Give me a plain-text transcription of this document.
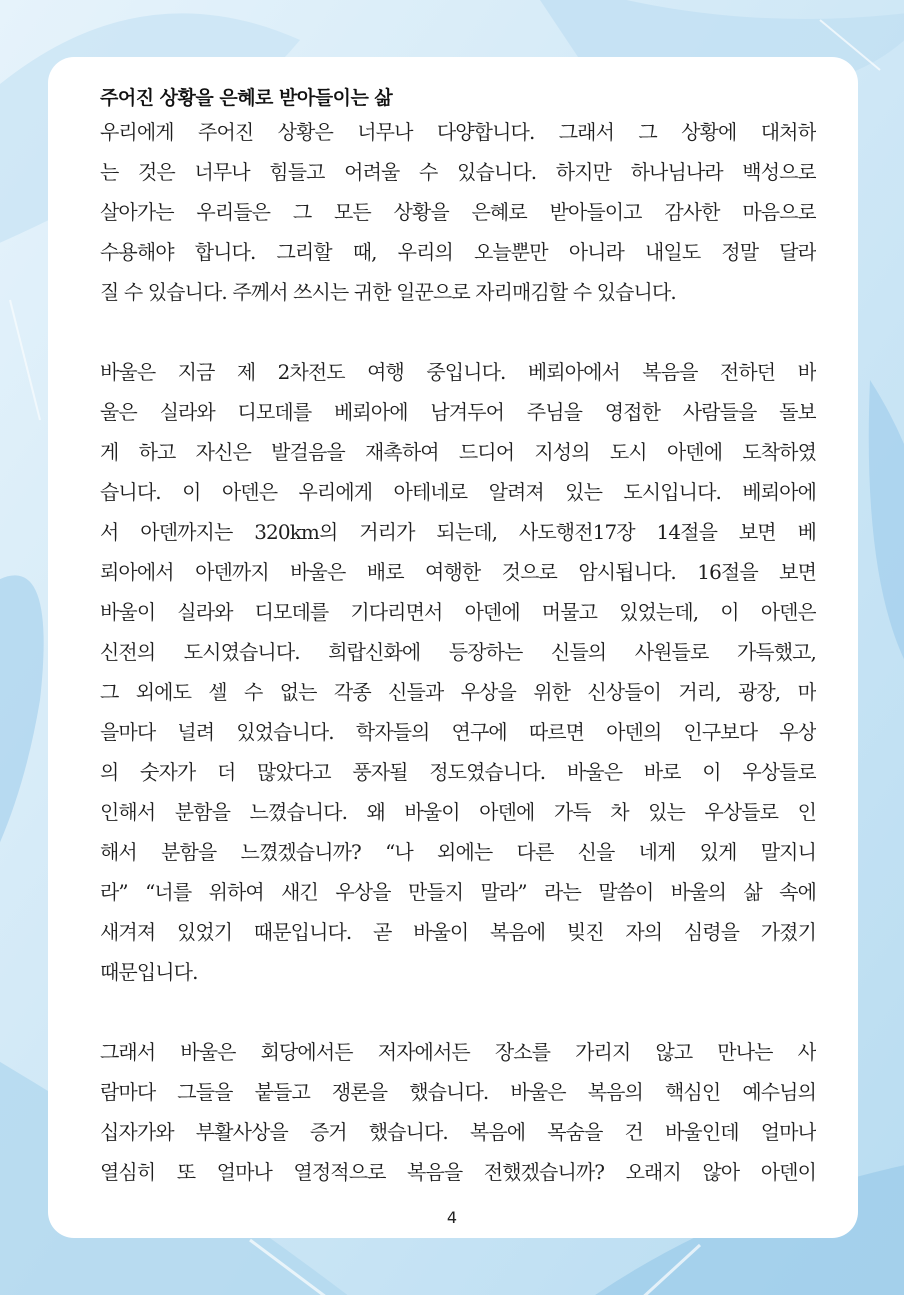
주어진 상황을 은혜로 받아들이는 삶
우리에게 주어진 상황은 너무나 다양합니다. 그래서 그 상황에 대처하
는 것은 너무나 힘들고 어려울 수 있습니다. 하지만 하나님나라 백성으로
살아가는 우리들은 그 모든 상황을 은혜로 받아들이고 감사한 마음으로
수용해야 합니다. 그리할 때, 우리의 오늘뿐만 아니라 내일도 정말 달라
질 수 있습니다. 주께서 쓰시는 귀한 일꾼으로 자리매김할 수 있습니다.
바울은 지금 제 2차전도 여행 중입니다. 베뢰아에서 복음을 전하던 바
울은 실라와 디모데를 베뢰아에 남겨두어 주님을 영접한 사람들을 돌보
게 하고 자신은 발걸음을 재촉하여 드디어 지성의 도시 아덴에 도착하였
습니다. 이 아덴은 우리에게 아테네로 알려져 있는 도시입니다. 베뢰아에
서 아덴까지는 320km의 거리가 되는데, 사도행전17장 14절을 보면 베
뢰아에서 아덴까지 바울은 배로 여행한 것으로 암시됩니다. 16절을 보면
바울이 실라와 디모데를 기다리면서 아덴에 머물고 있었는데, 이 아덴은
신전의 도시였습니다. 희랍신화에 등장하는 신들의 사원들로 가득했고,
그 외에도 셀 수 없는 각종 신들과 우상을 위한 신상들이 거리, 광장, 마
을마다 널려 있었습니다. 학자들의 연구에 따르면 아덴의 인구보다 우상
의 숫자가 더 많았다고 풍자될 정도였습니다. 바울은 바로 이 우상들로
인해서 분함을 느꼈습니다. 왜 바울이 아덴에 가득 차 있는 우상들로 인
해서 분함을 느꼈겠습니까? “나 외에는 다른 신을 네게 있게 말지니
라” “너를 위하여 새긴 우상을 만들지 말라” 라는 말씀이 바울의 삶 속에
새겨져 있었기 때문입니다. 곧 바울이 복음에 빚진 자의 심령을 가졌기
때문입니다.
그래서 바울은 회당에서든 저자에서든 장소를 가리지 않고 만나는 사
람마다 그들을 붙들고 쟁론을 했습니다. 바울은 복음의 핵심인 예수님의
십자가와 부활사상을 증거 했습니다. 복음에 목숨을 건 바울인데 얼마나
열심히 또 얼마나 열정적으로 복음을 전했겠습니까? 오래지 않아 아덴이
4
